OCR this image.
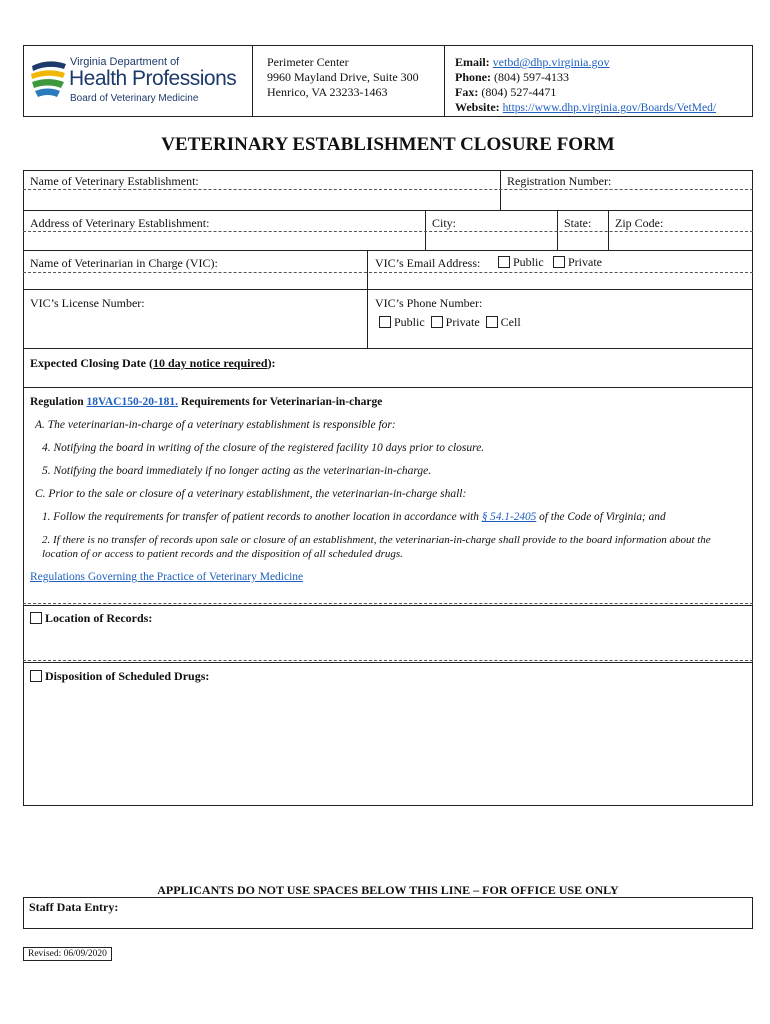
Virginia Department of
Health Professions
Board of Veterinary Medicine
Perimeter Center
9960 Mayland Drive, Suite 300
Henrico, VA 23233-1463
Email: vetbd@dhp.virginia.gov
Phone: (804) 597-4133
Fax: (804) 527-4471
Website: https://www.dhp.virginia.gov/Boards/VetMed/
VETERINARY ESTABLISHMENT CLOSURE FORM
Name of Veterinary Establishment:	Registration Number:
Address of Veterinary Establishment:	City:	State: Zip Code:
Name of Veterinarian in Charge (VIC):	VIC’s Email Address:	Public	Private
VIC’s License Number:	VIC’s Phone Number:
Public Private Cell
Expected Closing Date (10 day notice required):
Regulation 18VAC150-20-181. Requirements for Veterinarian-in-charge
A. The veterinarian-in-charge of a veterinary establishment is responsible for:
4. Notifying the board in writing of the closure of the registered facility 10 days prior to closure.
5. Notifying the board immediately if no longer acting as the veterinarian-in-charge.
C. Prior to the sale or closure of a veterinary establishment, the veterinarian-in-charge shall:
1. Follow the requirements for transfer of patient records to another location in accordance with § 54.1-2405 of the Code of Virginia; and
2. If there is no transfer of records upon sale or closure of an establishment, the veterinarian-in-charge shall provide to the board information about the location of or access to patient records and the disposition of all scheduled drugs.
Regulations Governing the Practice of Veterinary Medicine
Location of Records:
Disposition of Scheduled Drugs:
APPLICANTS DO NOT USE SPACES BELOW THIS LINE – FOR OFFICE USE ONLY
Staff Data Entry:
Revised: 06/09/2020
